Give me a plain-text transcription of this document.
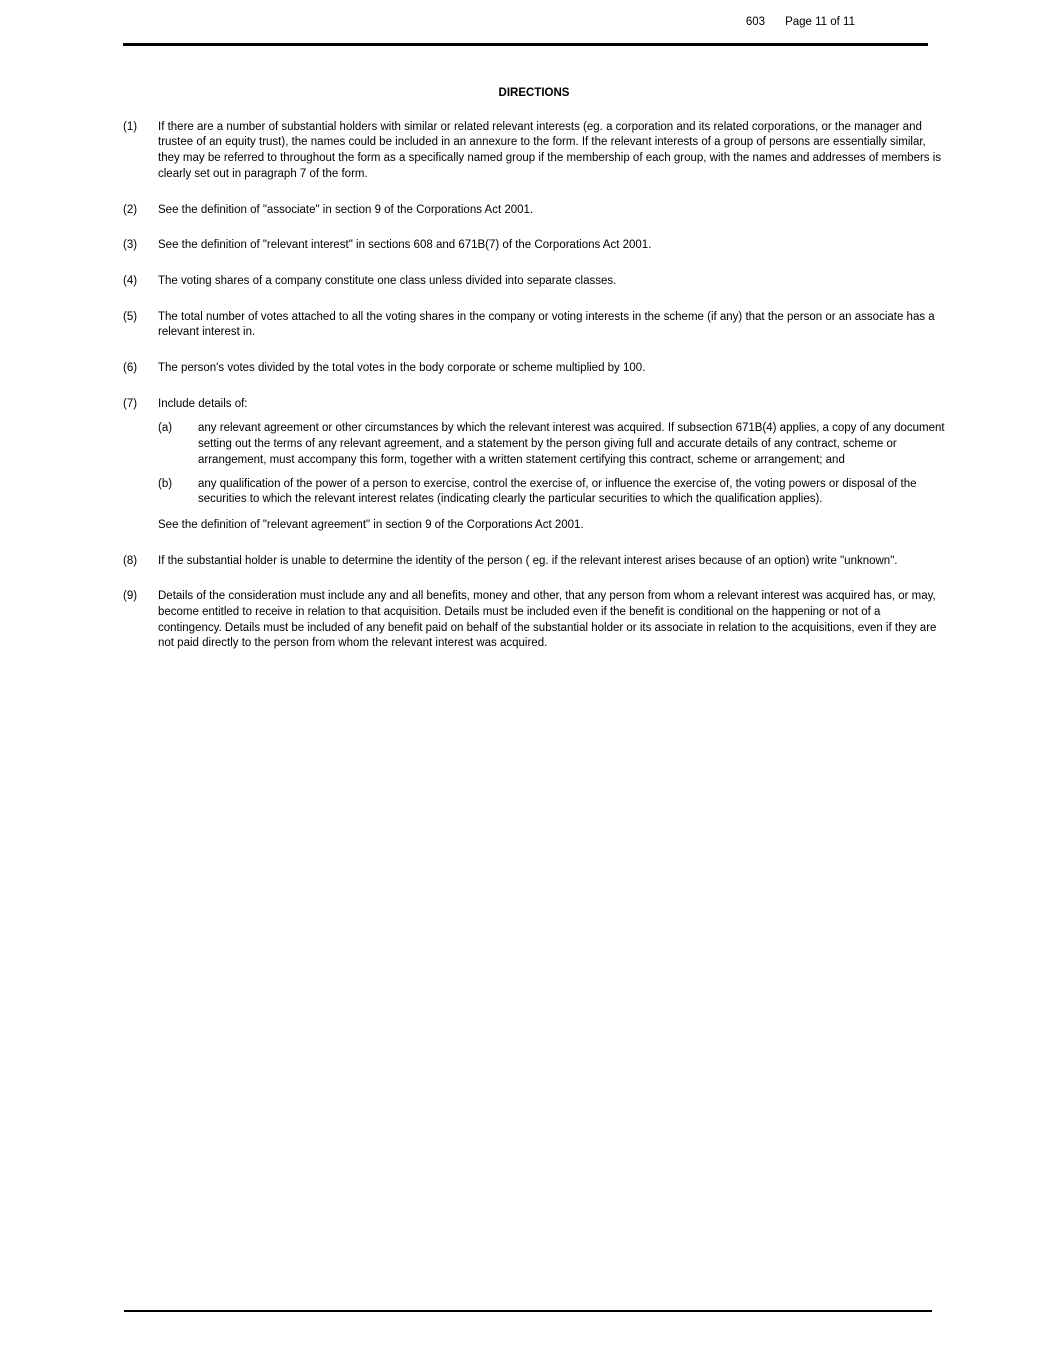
603 Page 11 of 11
DIRECTIONS
(1)	If there are a number of substantial holders with similar or related relevant interests (eg. a corporation and its related corporations, or the manager and trustee of an equity trust), the names could be included in an annexure to the form. If the relevant interests of a group of persons are essentially similar, they may be referred to throughout the form as a specifically named group if the membership of each group, with the names and addresses of members is clearly set out in paragraph 7 of the form.
(2)	See the definition of "associate" in section 9 of the Corporations Act 2001.
(3)	See the definition of "relevant interest" in sections 608 and 671B(7) of the Corporations Act 2001.
(4)	The voting shares of a company constitute one class unless divided into separate classes.
(5)	The total number of votes attached to all the voting shares in the company or voting interests in the scheme (if any) that the person or an associate has a relevant interest in.
(6)	The person's votes divided by the total votes in the body corporate or scheme multiplied by 100.
(7)	Include details of:
(a)	any relevant agreement or other circumstances by which the relevant interest was acquired. If subsection 671B(4) applies, a copy of any document setting out the terms of any relevant agreement, and a statement by the person giving full and accurate details of any contract, scheme or arrangement, must accompany this form, together with a written statement certifying this contract, scheme or arrangement; and
(b)	any qualification of the power of a person to exercise, control the exercise of, or influence the exercise of, the voting powers or disposal of the securities to which the relevant interest relates (indicating clearly the particular securities to which the qualification applies).
See the definition of "relevant agreement" in section 9 of the Corporations Act 2001.
(8)	If the substantial holder is unable to determine the identity of the person ( eg. if the relevant interest arises because of an option) write "unknown".
(9)	Details of the consideration must include any and all benefits, money and other, that any person from whom a relevant interest was acquired has, or may, become entitled to receive in relation to that acquisition. Details must be included even if the benefit is conditional on the happening or not of a contingency. Details must be included of any benefit paid on behalf of the substantial holder or its associate in relation to the acquisitions, even if they are not paid directly to the person from whom the relevant interest was acquired.
